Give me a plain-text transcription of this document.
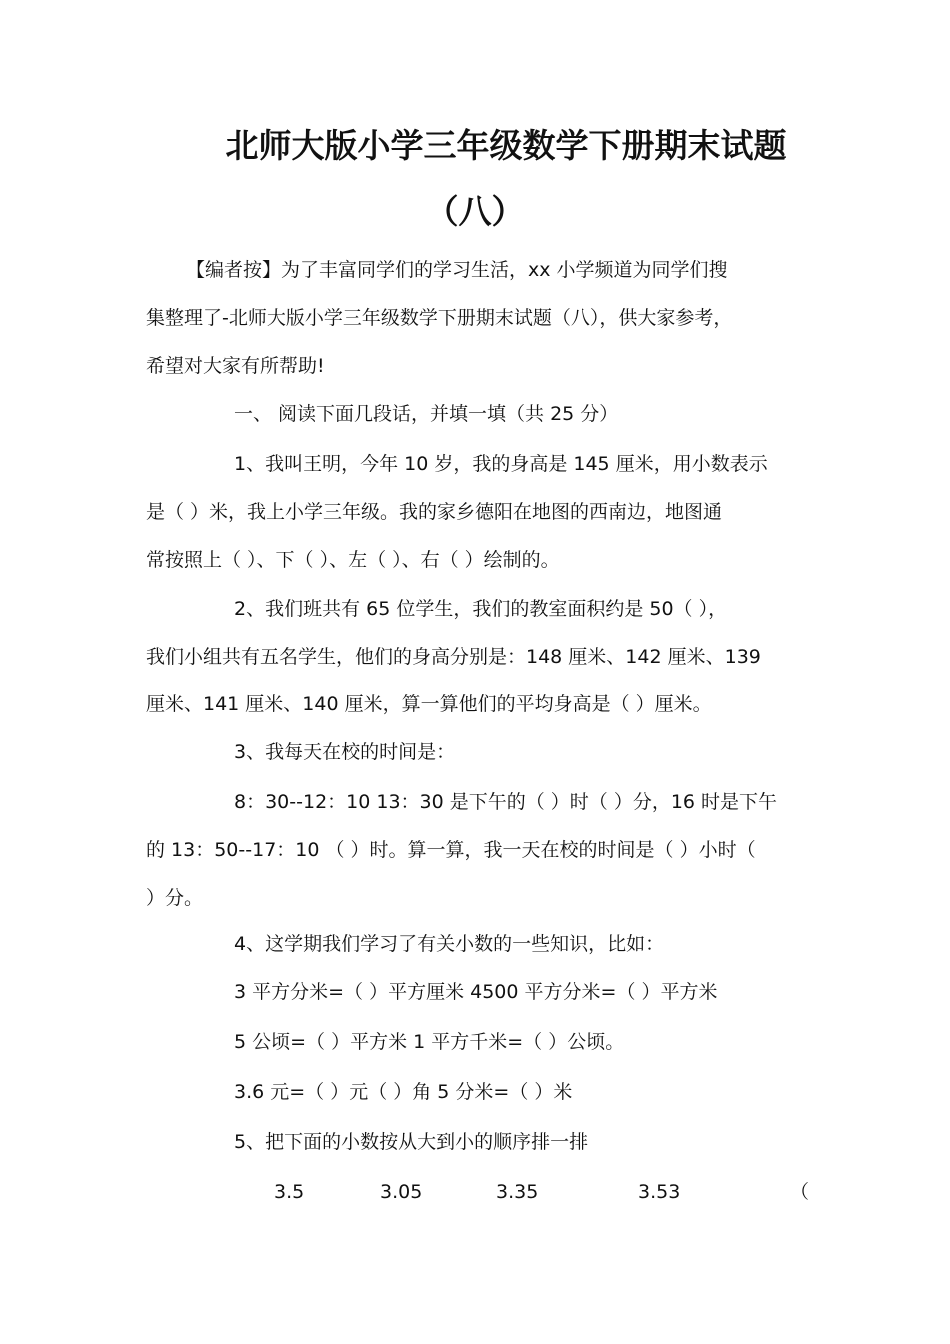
北师大版小学三年级数学下册期末试题
（八）
【编者按】为了丰富同学们的学习生活，xx 小学频道为同学们搜
集整理了-北师大版小学三年级数学下册期末试题（八），供大家参考，
希望对大家有所帮助!
一、 阅读下面几段话，并填一填（共 25 分）
1、我叫王明，今年 10 岁，我的身高是 145 厘米，用小数表示
是（ ）米，我上小学三年级。我的家乡德阳在地图的西南边，地图通
常按照上（ ）、下（ ）、左（ ）、右（ ）绘制的。
2、我们班共有 65 位学生，我们的教室面积约是 50（ ），
我们小组共有五名学生，他们的身高分别是：148 厘米、142 厘米、139
厘米、141 厘米、140 厘米，算一算他们的平均身高是（ ）厘米。
3、我每天在校的时间是：
8：30--12：10 13：30 是下午的（ ）时（ ）分，16 时是下午
的 13：50--17：10 （ ）时。算一算，我一天在校的时间是（ ）小时（
）分。
4、这学期我们学习了有关小数的一些知识，比如：
3 平方分米=（ ）平方厘米 4500 平方分米=（ ）平方米
5 公顷=（ ）平方米 1 平方千米=（ ）公顷。
3.6 元=（ ）元（ ）角 5 分米=（ ）米
5、把下面的小数按从大到小的顺序排一排
3.5	3.05	3.35	3.53	（
